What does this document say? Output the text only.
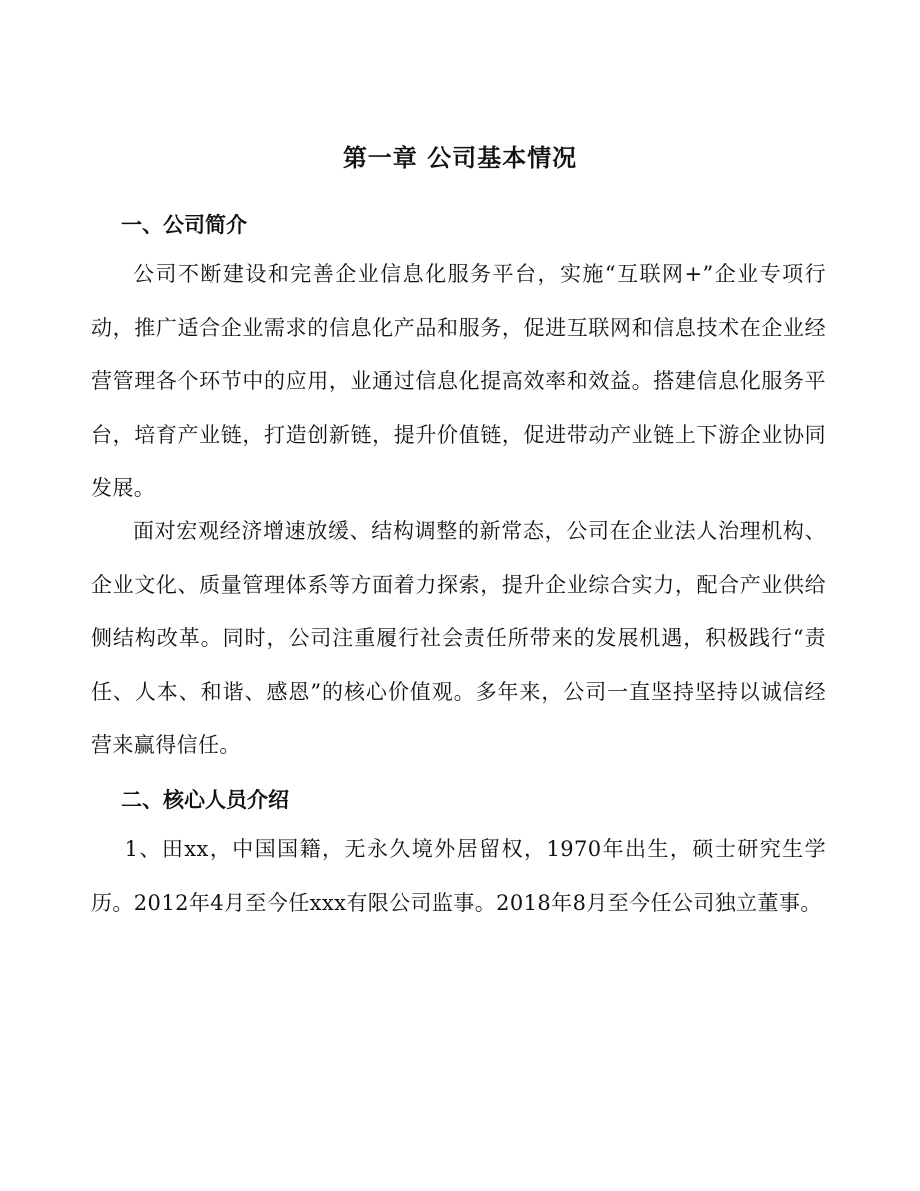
第一章 公司基本情况
一、公司简介

公司不断建设和完善企业信息化服务平台，实施“互联网+”企业专项行动，推广适合企业需求的信息化产品和服务，促进互联网和信息技术在企业经营管理各个环节中的应用，业通过信息化提高效率和效益。搭建信息化服务平台，培育产业链，打造创新链，提升价值链，促进带动产业链上下游企业协同发展。

面对宏观经济增速放缓、结构调整的新常态，公司在企业法人治理机构、企业文化、质量管理体系等方面着力探索，提升企业综合实力，配合产业供给侧结构改革。同时，公司注重履行社会责任所带来的发展机遇，积极践行“责任、人本、和谐、感恩”的核心价值观。多年来，公司一直坚持坚持以诚信经营来赢得信任。

二、核心人员介绍

1、田xx，中国国籍，无永久境外居留权，1970年出生，硕士研究生学历。2012年4月至今任xxx有限公司监事。2018年8月至今任公司独立董事。
